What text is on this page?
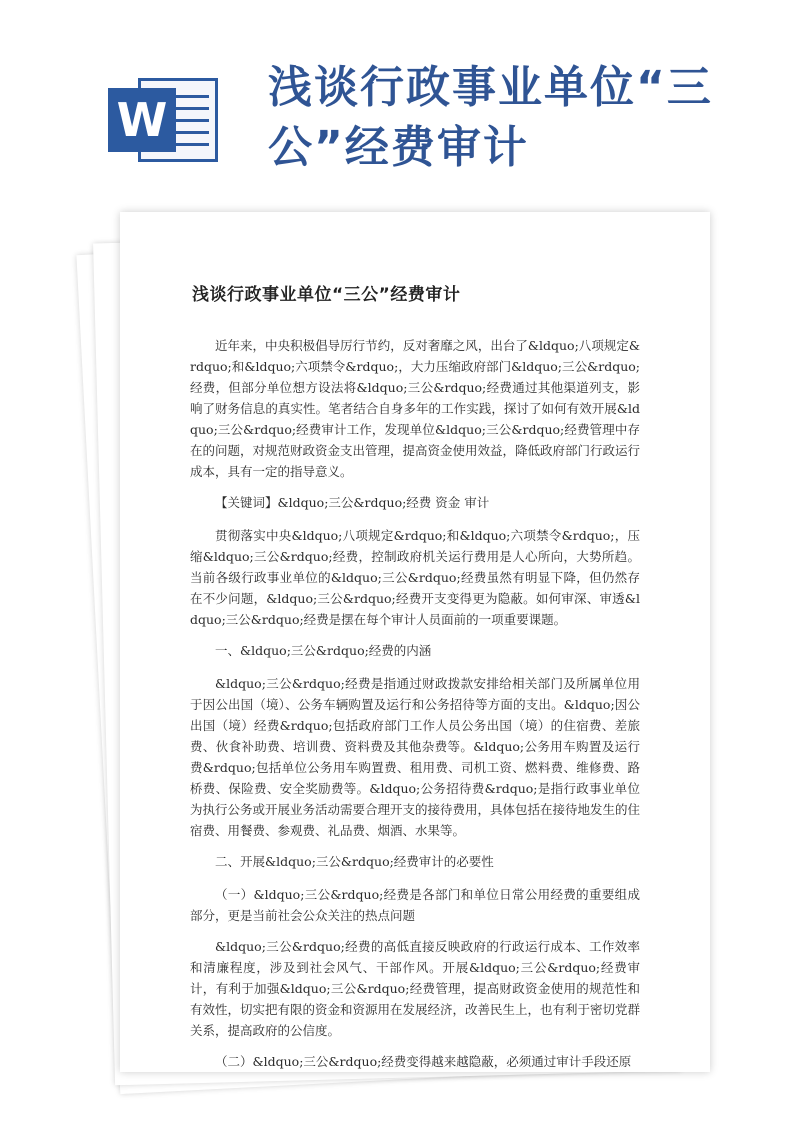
W
浅谈行政事业单位“三公”经费审计
浅谈行政事业单位“三公”经费审计

近年来，中央积极倡导厉行节约，反对奢靡之风，出台了&ldquo;八项规定&rdquo;和&ldquo;六项禁令&rdquo;，大力压缩政府部门&ldquo;三公&rdquo;经费，但部分单位想方设法将&ldquo;三公&rdquo;经费通过其他渠道列支，影响了财务信息的真实性。笔者结合自身多年的工作实践，探讨了如何有效开展&ldquo;三公&rdquo;经费审计工作，发现单位&ldquo;三公&rdquo;经费管理中存在的问题，对规范财政资金支出管理，提高资金使用效益，降低政府部门行政运行成本，具有一定的指导意义。

【关键词】&ldquo;三公&rdquo;经费 资金 审计

贯彻落实中央&ldquo;八项规定&rdquo;和&ldquo;六项禁令&rdquo;，压缩&ldquo;三公&rdquo;经费，控制政府机关运行费用是人心所向，大势所趋。当前各级行政事业单位的&ldquo;三公&rdquo;经费虽然有明显下降，但仍然存在不少问题，&ldquo;三公&rdquo;经费开支变得更为隐蔽。如何审深、审透&ldquo;三公&rdquo;经费是摆在每个审计人员面前的一项重要课题。

一、&ldquo;三公&rdquo;经费的内涵

&ldquo;三公&rdquo;经费是指通过财政拨款安排给相关部门及所属单位用于因公出国（境）、公务车辆购置及运行和公务招待等方面的支出。&ldquo;因公出国（境）经费&rdquo;包括政府部门工作人员公务出国（境）的住宿费、差旅费、伙食补助费、培训费、资料费及其他杂费等。&ldquo;公务用车购置及运行费&rdquo;包括单位公务用车购置费、租用费、司机工资、燃料费、维修费、路桥费、保险费、安全奖励费等。&ldquo;公务招待费&rdquo;是指行政事业单位为执行公务或开展业务活动需要合理开支的接待费用，具体包括在接待地发生的住宿费、用餐费、参观费、礼品费、烟酒、水果等。

二、开展&ldquo;三公&rdquo;经费审计的必要性

（一）&ldquo;三公&rdquo;经费是各部门和单位日常公用经费的重要组成部分，更是当前社会公众关注的热点问题

&ldquo;三公&rdquo;经费的高低直接反映政府的行政运行成本、工作效率和清廉程度，涉及到社会风气、干部作风。开展&ldquo;三公&rdquo;经费审计，有利于加强&ldquo;三公&rdquo;经费管理，提高财政资金使用的规范性和有效性，切实把有限的资金和资源用在发展经济，改善民生上，也有利于密切党群关系，提高政府的公信度。

（二）&ldquo;三公&rdquo;经费变得越来越隐蔽，必须通过审计手段还原
